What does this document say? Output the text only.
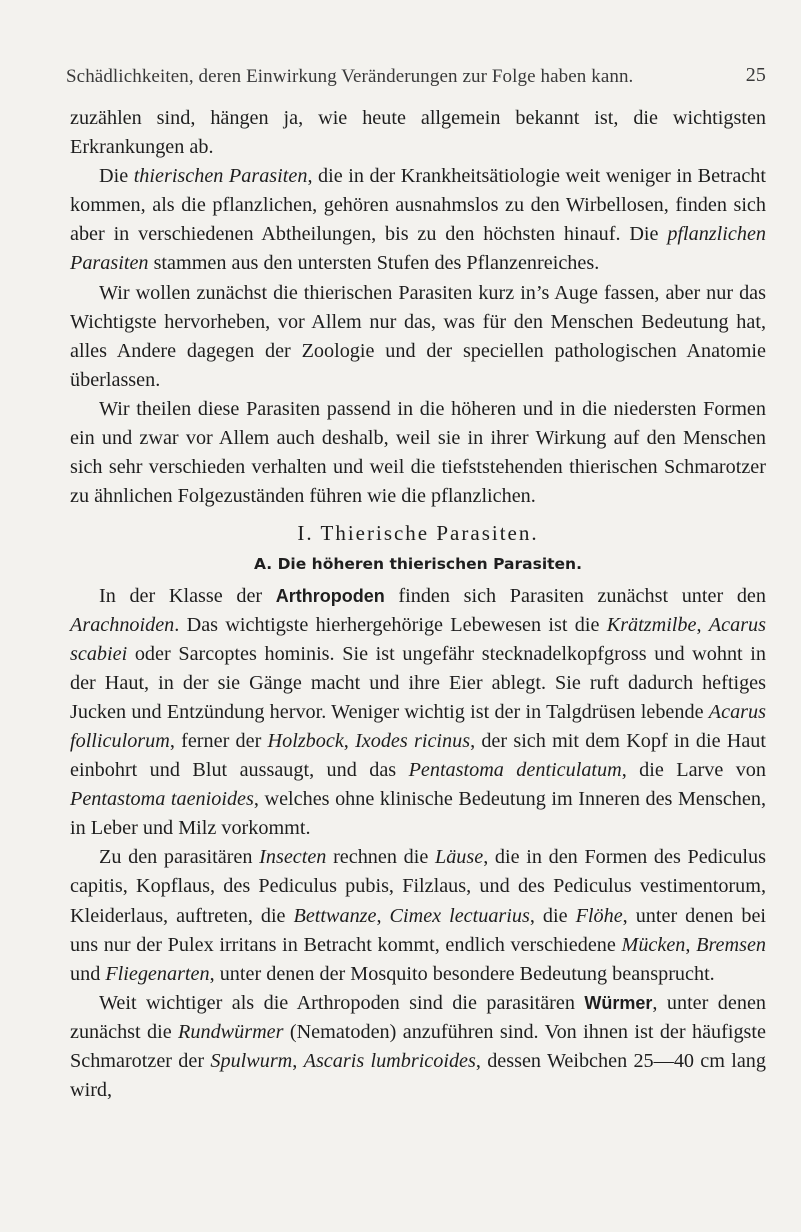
Schädlichkeiten, deren Einwirkung Veränderungen zur Folge haben kann.	25

zuzählen sind, hängen ja, wie heute allgemein bekannt ist, die wichtigsten Erkrankungen ab.

Die thierischen Parasiten, die in der Krankheitsätiologie weit weniger in Betracht kommen, als die pflanzlichen, gehören ausnahmslos zu den Wirbellosen, finden sich aber in verschiedenen Abtheilungen, bis zu den höchsten hinauf. Die pflanzlichen Parasiten stammen aus den untersten Stufen des Pflanzenreiches.

Wir wollen zunächst die thierischen Parasiten kurz in’s Auge fassen, aber nur das Wichtigste hervorheben, vor Allem nur das, was für den Menschen Bedeutung hat, alles Andere dagegen der Zoologie und der speciellen pathologischen Anatomie überlassen.

Wir theilen diese Parasiten passend in die höheren und in die niedersten Formen ein und zwar vor Allem auch deshalb, weil sie in ihrer Wirkung auf den Menschen sich sehr verschieden verhalten und weil die tiefststehenden thierischen Schmarotzer zu ähnlichen Folgezuständen führen wie die pflanzlichen.

I. Thierische Parasiten.

A. Die höheren thierischen Parasiten.

In der Klasse der Arthropoden finden sich Parasiten zunächst unter den Arachnoiden. Das wichtigste hierhergehörige Lebewesen ist die Krätzmilbe, Acarus scabiei oder Sarcoptes hominis. Sie ist ungefähr stecknadelkopfgross und wohnt in der Haut, in der sie Gänge macht und ihre Eier ablegt. Sie ruft dadurch heftiges Jucken und Entzündung hervor. Weniger wichtig ist der in Talgdrüsen lebende Acarus folliculorum, ferner der Holzbock, Ixodes ricinus, der sich mit dem Kopf in die Haut einbohrt und Blut aussaugt, und das Pentastoma denticulatum, die Larve von Pentastoma taenioides, welches ohne klinische Bedeutung im Inneren des Menschen, in Leber und Milz vorkommt.

Zu den parasitären Insecten rechnen die Läuse, die in den Formen des Pediculus capitis, Kopflaus, des Pediculus pubis, Filzlaus, und des Pediculus vestimentorum, Kleiderlaus, auftreten, die Bettwanze, Cimex lectuarius, die Flöhe, unter denen bei uns nur der Pulex irritans in Betracht kommt, endlich verschiedene Mücken, Bremsen und Fliegenarten, unter denen der Mosquito besondere Bedeutung beansprucht.

Weit wichtiger als die Arthropoden sind die parasitären Würmer, unter denen zunächst die Rundwürmer (Nematoden) anzuführen sind. Von ihnen ist der häufigste Schmarotzer der Spulwurm, Ascaris lumbricoides, dessen Weibchen 25—40 cm lang wird,
